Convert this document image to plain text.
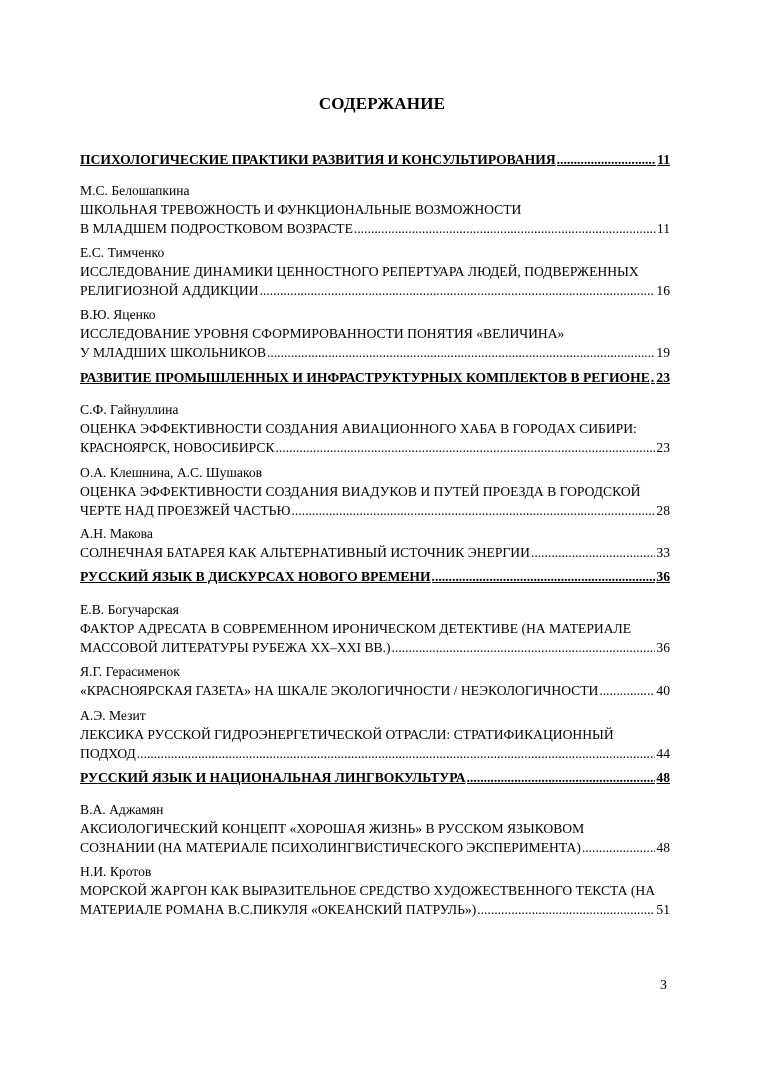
СОДЕРЖАНИЕ
ПСИХОЛОГИЧЕСКИЕ ПРАКТИКИ РАЗВИТИЯ И КОНСУЛЬТИРОВАНИЯ .....	11
М.С. Белошапкина
ШКОЛЬНАЯ ТРЕВОЖНОСТЬ И ФУНКЦИОНАЛЬНЫЕ ВОЗМОЖНОСТИ
В МЛАДШЕМ ПОДРОСТКОВОМ ВОЗРАСТЕ .....	11
Е.С. Тимченко
ИССЛЕДОВАНИЕ ДИНАМИКИ ЦЕННОСТНОГО РЕПЕРТУАРА ЛЮДЕЙ, ПОДВЕРЖЕННЫХ
РЕЛИГИОЗНОЙ АДДИКЦИИ .....	16
В.Ю. Яценко
ИССЛЕДОВАНИЕ УРОВНЯ СФОРМИРОВАННОСТИ ПОНЯТИЯ «ВЕЛИЧИНА»
У МЛАДШИХ ШКОЛЬНИКОВ .....	19
РАЗВИТИЕ ПРОМЫШЛЕННЫХ И ИНФРАСТРУКТУРНЫХ КОМПЛЕКТОВ В РЕГИОНЕ ..... 23
С.Ф. Гайнуллина
ОЦЕНКА ЭФФЕКТИВНОСТИ СОЗДАНИЯ АВИАЦИОННОГО ХАБА В ГОРОДАХ СИБИРИ:
КРАСНОЯРСК, НОВОСИБИРСК .....	23
О.А. Клешнина, А.С. Шушаков
ОЦЕНКА ЭФФЕКТИВНОСТИ СОЗДАНИЯ ВИАДУКОВ И ПУТЕЙ ПРОЕЗДА В ГОРОДСКОЙ
ЧЕРТЕ НАД ПРОЕЗЖЕЙ ЧАСТЬЮ .....	28
А.Н. Макова
СОЛНЕЧНАЯ БАТАРЕЯ КАК АЛЬТЕРНАТИВНЫЙ ИСТОЧНИК ЭНЕРГИИ .....	33
РУССКИЙ ЯЗЫК В ДИСКУРСАХ НОВОГО ВРЕМЕНИ .....	36
Е.В. Богучарская
ФАКТОР АДРЕСАТА В СОВРЕМЕННОМ ИРОНИЧЕСКОМ ДЕТЕКТИВЕ (НА МАТЕРИАЛЕ
МАССОВОЙ ЛИТЕРАТУРЫ РУБЕЖА XX–XXI ВВ.) .....	36
Я.Г. Герасименок
«КРАСНОЯРСКАЯ ГАЗЕТА» НА ШКАЛЕ ЭКОЛОГИЧНОСТИ / НЕЭКОЛОГИЧНОСТИ .....	40
А.Э. Мезит
ЛЕКСИКА РУССКОЙ ГИДРОЭНЕРГЕТИЧЕСКОЙ ОТРАСЛИ: СТРАТИФИКАЦИОННЫЙ
ПОДХОД .....	44
РУССКИЙ ЯЗЫК И НАЦИОНАЛЬНАЯ ЛИНГВОКУЛЬТУРА .....	48
В.А. Аджамян
АКСИОЛОГИЧЕСКИЙ КОНЦЕПТ «ХОРОШАЯ ЖИЗНЬ» В РУССКОМ ЯЗЫКОВОМ
СОЗНАНИИ (НА МАТЕРИАЛЕ ПСИХОЛИНГВИСТИЧЕСКОГО ЭКСПЕРИМЕНТА) .....	48
Н.И. Кротов
МОРСКОЙ ЖАРГОН КАК ВЫРАЗИТЕЛЬНОЕ СРЕДСТВО ХУДОЖЕСТВЕННОГО ТЕКСТА (НА
МАТЕРИАЛЕ РОМАНА В.С.ПИКУЛЯ «ОКЕАНСКИЙ ПАТРУЛЬ») .....	51
3
